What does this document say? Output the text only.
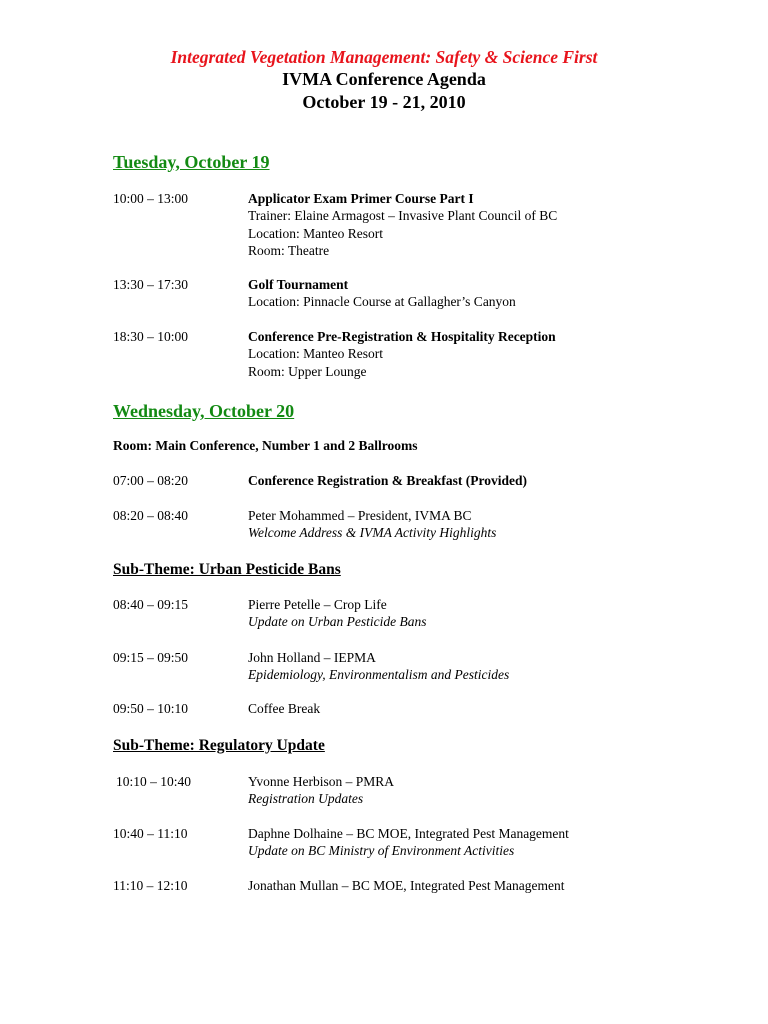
Integrated Vegetation Management: Safety & Science First
IVMA Conference Agenda
October 19 - 21, 2010
Tuesday, October 19
10:00 – 13:00	Applicator Exam Primer Course Part I
Trainer: Elaine Armagost – Invasive Plant Council of BC
Location: Manteo Resort
Room: Theatre
13:30 – 17:30	Golf Tournament
Location: Pinnacle Course at Gallagher’s Canyon
18:30 – 10:00	Conference Pre-Registration & Hospitality Reception
Location: Manteo Resort
Room: Upper Lounge
Wednesday, October 20
Room: Main Conference, Number 1 and 2 Ballrooms
07:00 – 08:20	Conference Registration & Breakfast (Provided)
08:20 – 08:40	Peter Mohammed – President, IVMA BC
Welcome Address & IVMA Activity Highlights
Sub-Theme: Urban Pesticide Bans
08:40 – 09:15	Pierre Petelle – Crop Life
Update on Urban Pesticide Bans
09:15 – 09:50	John Holland – IEPMA
Epidemiology, Environmentalism and Pesticides
09:50 – 10:10	Coffee Break
Sub-Theme: Regulatory Update
10:10 – 10:40	Yvonne Herbison – PMRA
Registration Updates
10:40 – 11:10	Daphne Dolhaine – BC MOE, Integrated Pest Management
Update on BC Ministry of Environment Activities
11:10 – 12:10	Jonathan Mullan – BC MOE, Integrated Pest Management
